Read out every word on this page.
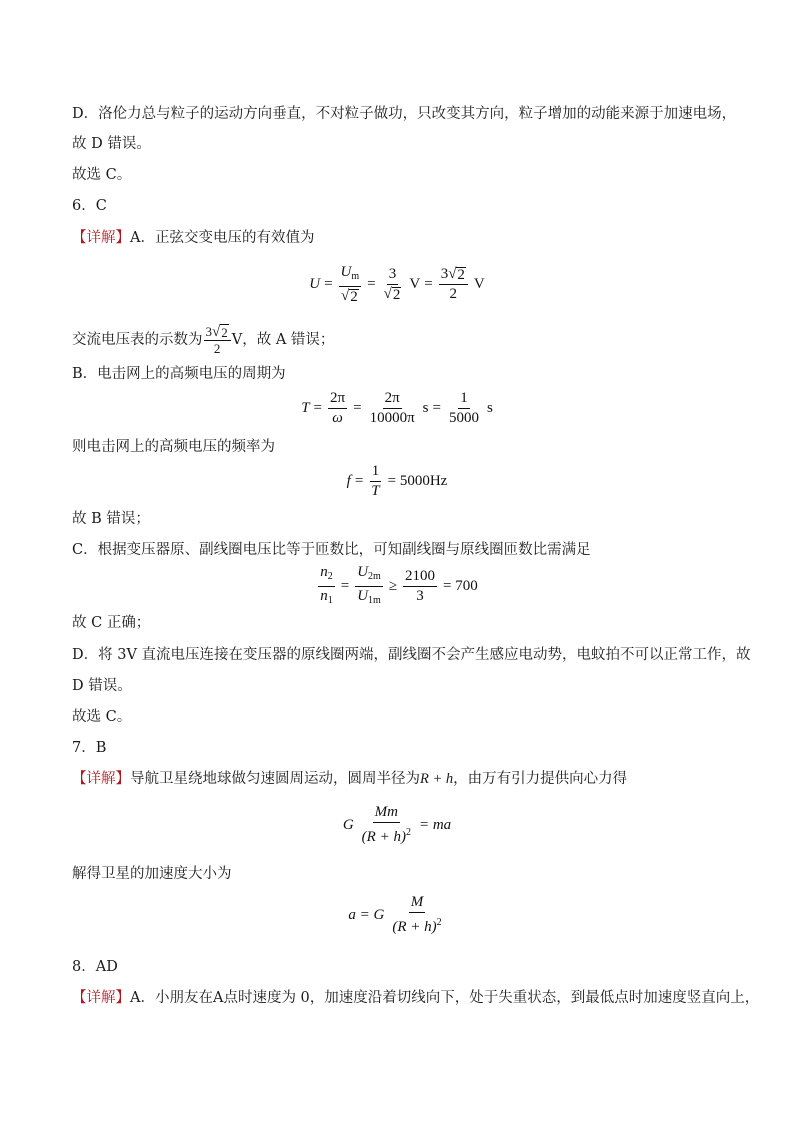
D．洛伦力总与粒子的运动方向垂直，不对粒子做功，只改变其方向，粒子增加的动能来源于加速电场，
故 D 错误。
故选 C。
6．C
【详解】A．正弦交变电压的有效值为
$U = \frac{U_m}{√ 2} = \frac{3}{√ 2}$ $V = \frac{3 √ 2}{2}$ V
交流电压表的示数为 $\frac{3 √ 2}{2}$ V，故 A 错误；
B．电击网上的高频电压的周期为
$T = \frac{2\pi}{\omega} = \frac{2\pi}{10000\pi}$ $s = \frac{1}{5000}$ s
则电击网上的高频电压的频率为
$f = \frac{1}{T} = 5000Hz$
故 B 错误；
C．根据变压器原、副线圈电压比等于匝数比，可知副线圈与原线圈匝数比需满足
$\frac{n_2}{n_1} = \frac{U_{2m}}{U_{1m}} \ge \frac{2100}{3} = 700$
故 C 正确；
D．将 3V 直流电压连接在变压器的原线圈两端，副线圈不会产生感应电动势，电蚊拍不可以正常工作，故
D 错误。
故选 C。
7．B
【详解】导航卫星绕地球做匀速圆周运动，圆周半径为R + h，由万有引力提供向心力得
G $\frac{Mm}{(R + h)^2}$ = ma
解得卫星的加速度大小为
a = G $\frac{M}{(R + h)^2}$
8．AD
【详解】A．小朋友在A点时速度为 0，加速度沿着切线向下，处于失重状态，到最低点时加速度竖直向上，
